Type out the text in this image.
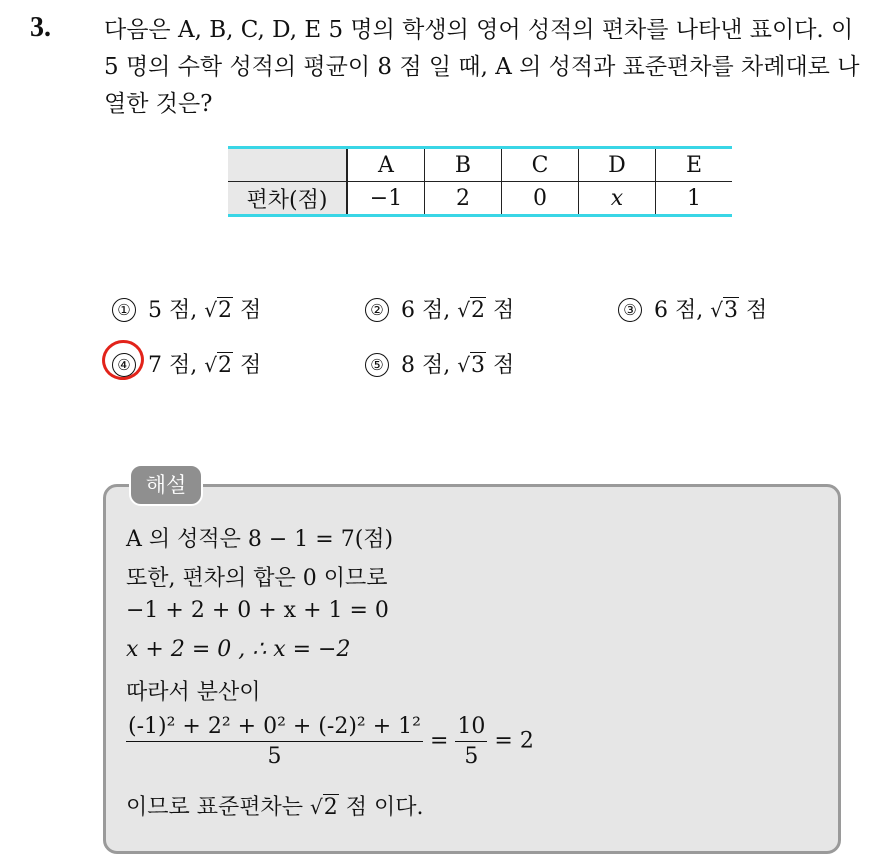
3. 다음은 A, B, C, D, E 5 명의 학생의 영어 성적의 편차를 나타낸 표이다. 이 5 명의 수학 성적의 평균이 8 점 일 때, A 의 성적과 표준편차를 차례대로 나열한 것은?

	A	B	C	D	E
편차(점)	−1	2	0	x	1
① 5 점, √2 점	② 6 점, √2 점	③ 6 점, √3 점
④ 7 점, √2 점	⑤ 8 점, √3 점
해설
A 의 성적은 8 − 1 = 7(점)
또한, 편차의 합은 0 이므로
−1 + 2 + 0 + x + 1 = 0
x + 2 = 0 , ∴ x = −2
따라서 분산이
$\frac{\text{(-1)² + 2² + 0² + (-2)² + 1²}}{5} = \frac{10}{5} = 2$
이므로 표준편차는 √2 점 이다.
